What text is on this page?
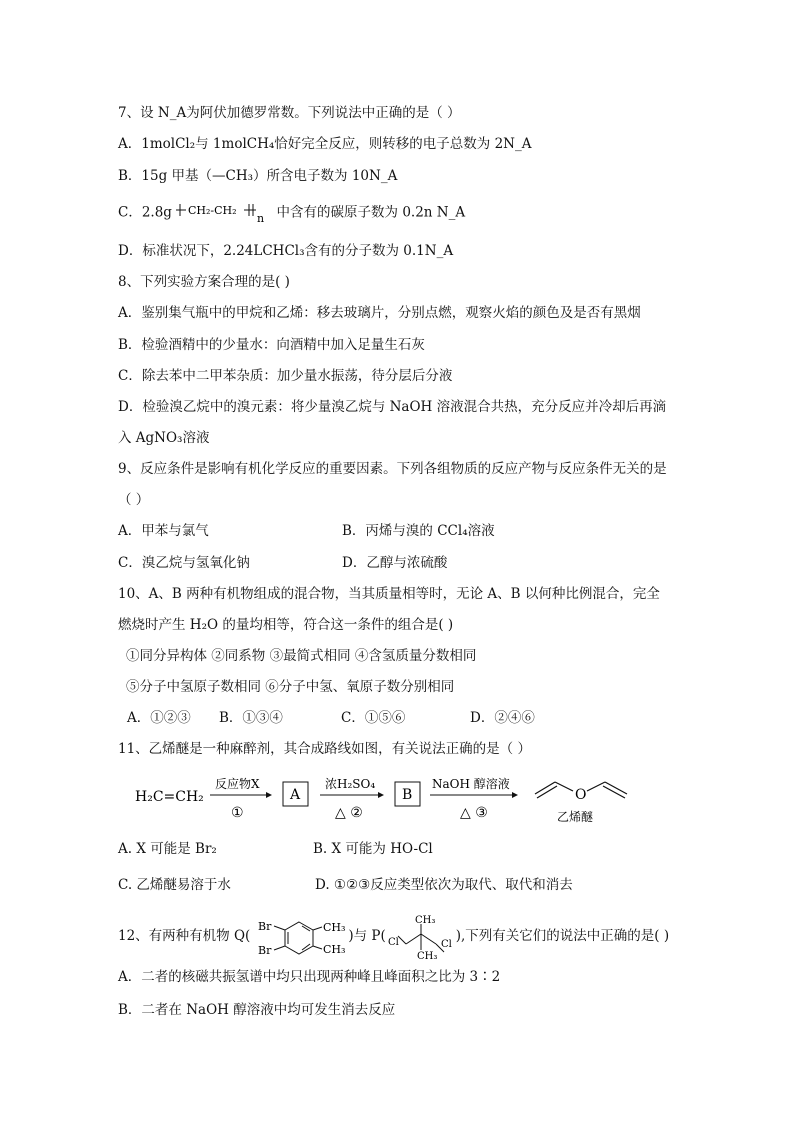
7、设 N_A为阿伏加德罗常数。下列说法中正确的是（ ）
A．1molCl₂与 1molCH₄恰好完全反应，则转移的电子总数为 2N_A
B．15g 甲基（—CH₃）所含电子数为 10N_A
C．2.8g CH₂-CH₂
n 中含有的碳原子数为 0.2n N_A
D．标准状况下，2.24LCHCl₃含有的分子数为 0.1N_A
8、下列实验方案合理的是( )
A．鉴别集气瓶中的甲烷和乙烯：移去玻璃片，分别点燃，观察火焰的颜色及是否有黑烟
B．检验酒精中的少量水：向酒精中加入足量生石灰
C．除去苯中二甲苯杂质：加少量水振荡，待分层后分液
D．检验溴乙烷中的溴元素：将少量溴乙烷与 NaOH 溶液混合共热，充分反应并冷却后再滴
入 AgNO₃溶液
9、反应条件是影响有机化学反应的重要因素。下列各组物质的反应产物与反应条件无关的是
（ ）
A．甲苯与氯气	B．丙烯与溴的 CCl₄溶液
C．溴乙烷与氢氧化钠	D．乙醇与浓硫酸
10、A、B 两种有机物组成的混合物，当其质量相等时，无论 A、B 以何种比例混合，完全
燃烧时产生 H₂O 的量均相等，符合这一条件的组合是( )
①同分异构体 ②同系物 ③最简式相同 ④含氢质量分数相同
⑤分子中氢原子数相同 ⑥分子中氢、氧原子数分别相同
A．①②③ B．①③④	C．①⑤⑥	D．②④⑥
11、乙烯醚是一种麻醉剂，其合成路线如图，有关说法正确的是（ ）
H₂C=CH₂
反应物X
①
A
浓H₂SO₄
△ ②
B
NaOH 醇溶液
△ ③
O
乙烯醚
A. X 可能是 Br₂	B. X 可能为 HO-Cl
C. 乙烯醚易溶于水	D. ①②③反应类型依次为取代、取代和消去
12、有两种有机物 Q(
Br
Br
CH₃
CH₃
)与 P(
CH₃
CH₃
Cl	Cl ),下列有关它们的说法中正确的是( )
A．二者的核磁共振氢谱中均只出现两种峰且峰面积之比为 3∶2
B．二者在 NaOH 醇溶液中均可发生消去反应
